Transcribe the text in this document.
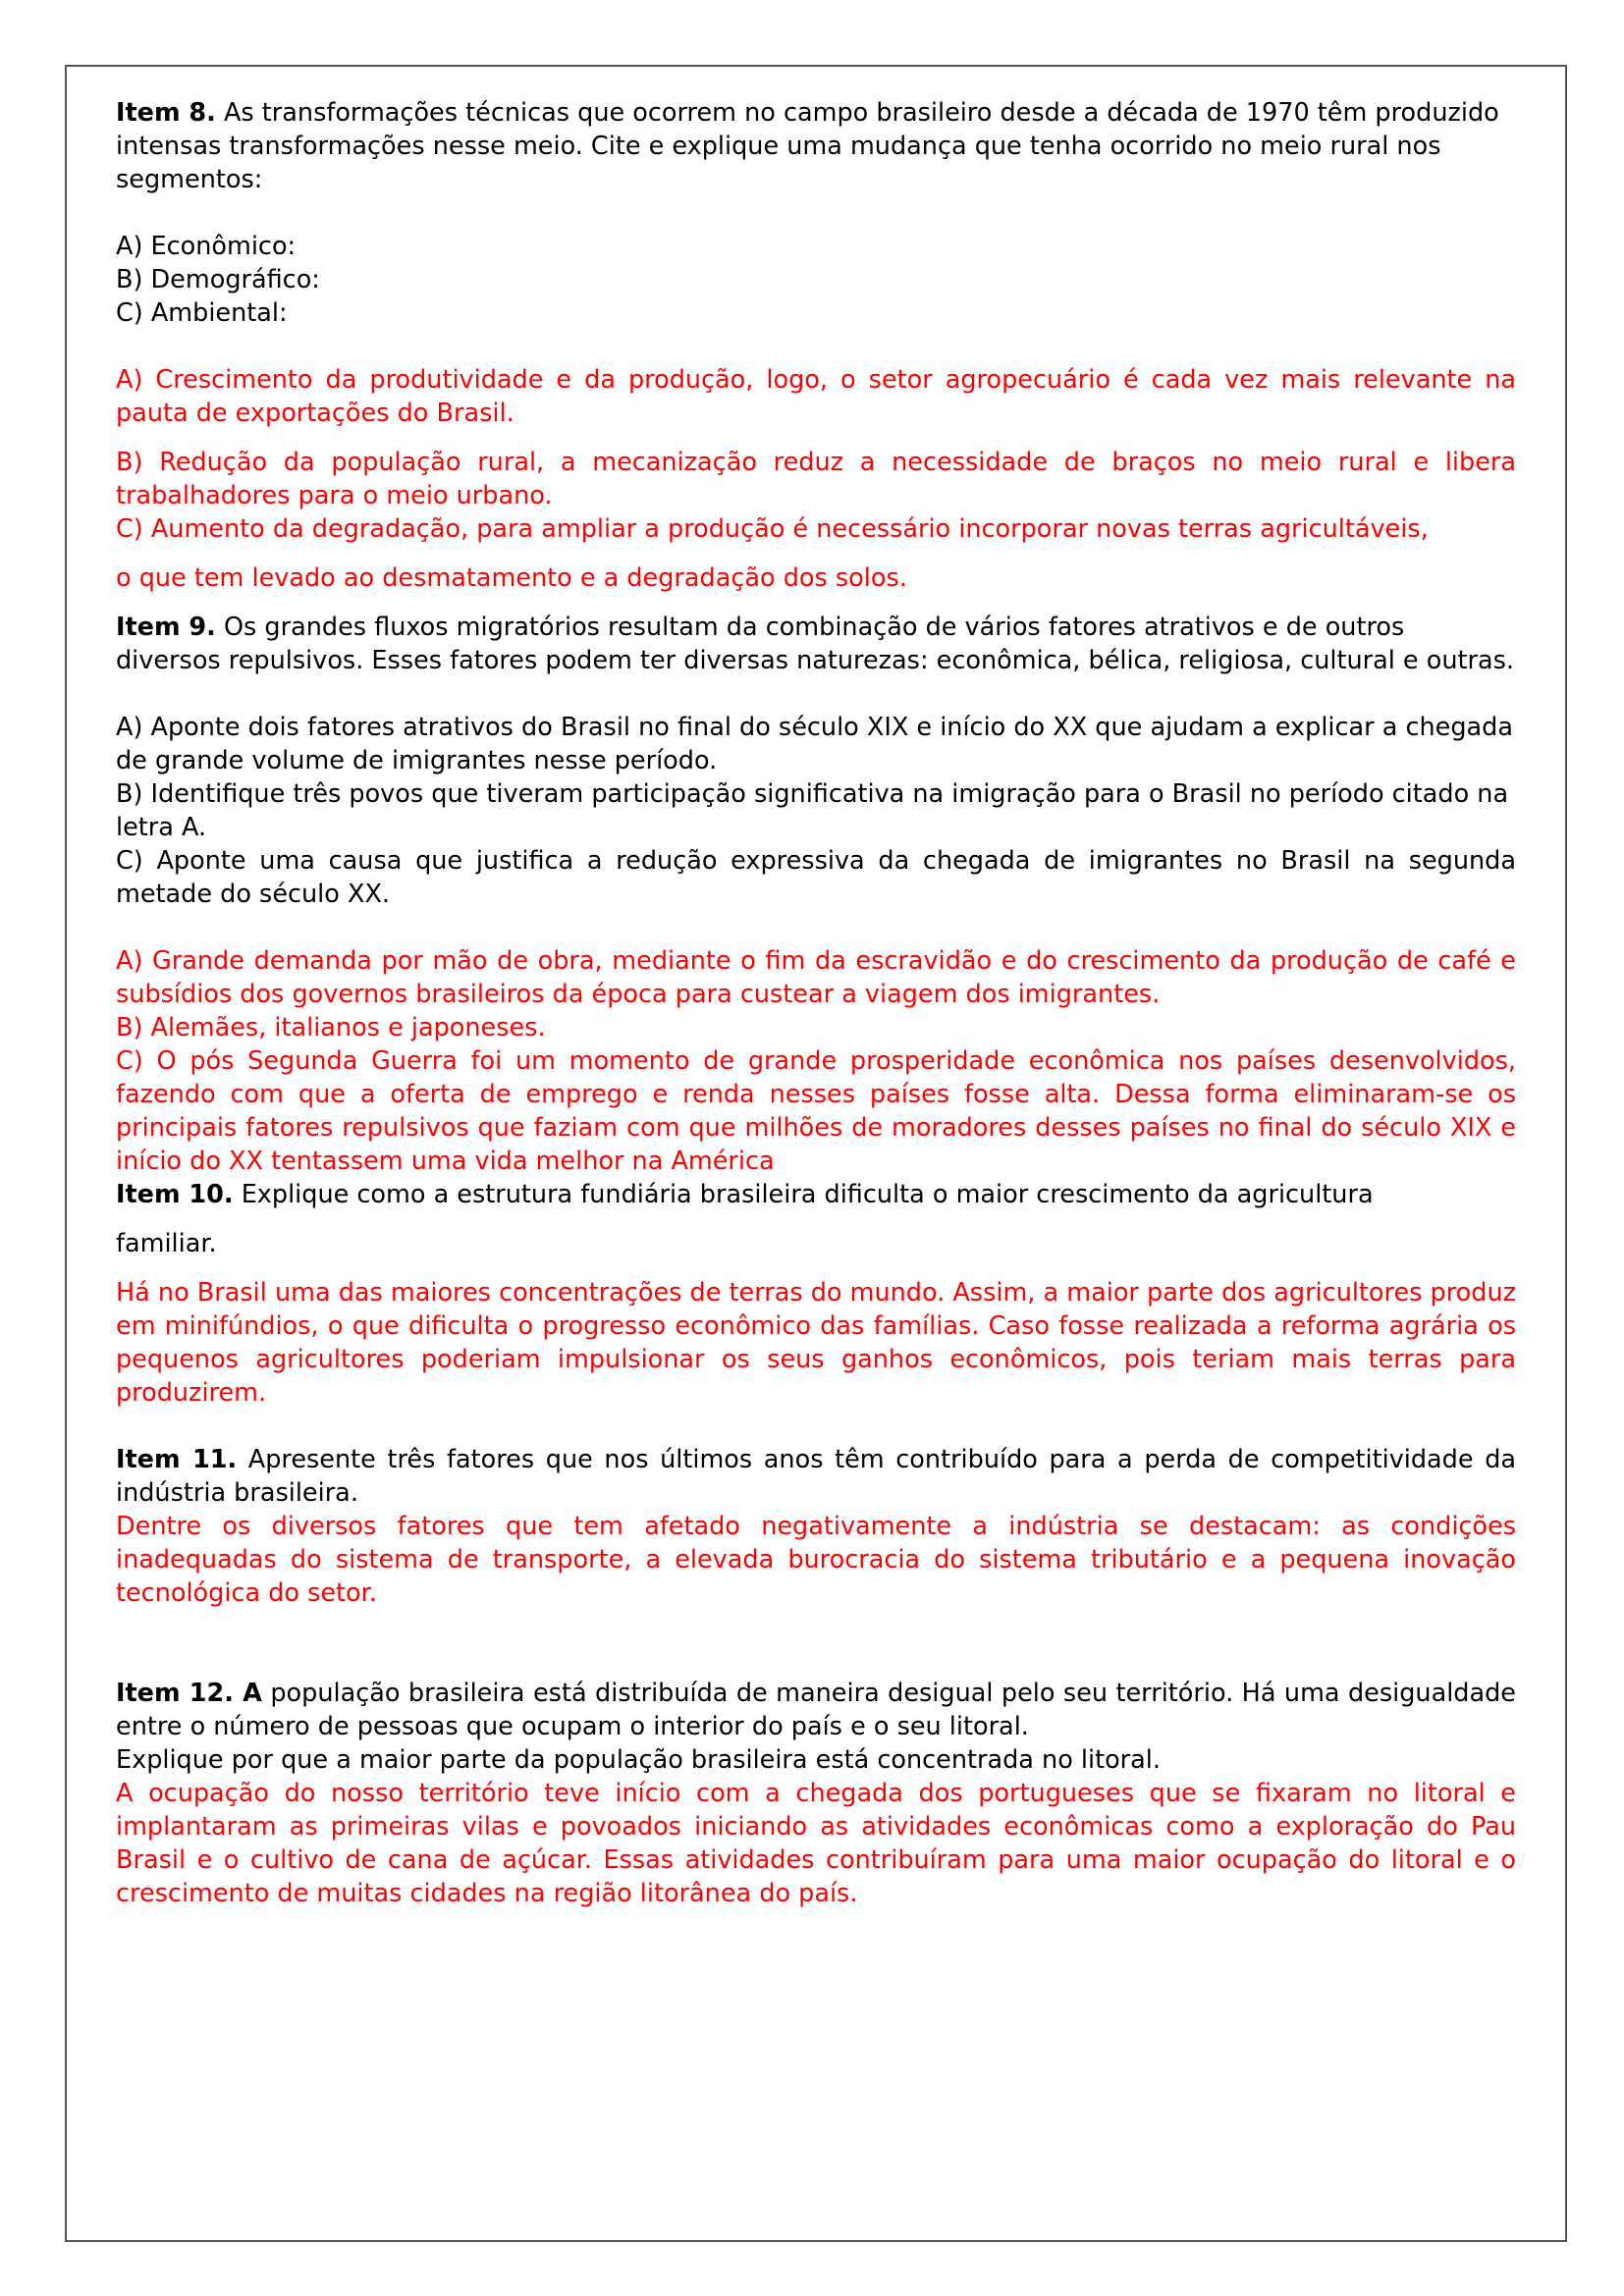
Item 8. As transformações técnicas que ocorrem no campo brasileiro desde a década de 1970 têm produzido intensas transformações nesse meio. Cite e explique uma mudança que tenha ocorrido no meio rural nos segmentos:

A) Econômico:

B) Demográfico:

C) Ambiental:

A) Crescimento da produtividade e da produção, logo, o setor agropecuário é cada vez mais relevante na pauta de exportações do Brasil.

B) Redução da população rural, a mecanização reduz a necessidade de braços no meio rural e libera trabalhadores para o meio urbano.

C) Aumento da degradação, para ampliar a produção é necessário incorporar novas terras agricultáveis,

o que tem levado ao desmatamento e a degradação dos solos.

Item 9. Os grandes fluxos migratórios resultam da combinação de vários fatores atrativos e de outros diversos repulsivos. Esses fatores podem ter diversas naturezas: econômica, bélica, religiosa, cultural e outras.

A) Aponte dois fatores atrativos do Brasil no final do século XIX e início do XX que ajudam a explicar a chegada de grande volume de imigrantes nesse período.

B) Identifique três povos que tiveram participação significativa na imigração para o Brasil no período citado na letra A.

C) Aponte uma causa que justifica a redução expressiva da chegada de imigrantes no Brasil na segunda metade do século XX.

A) Grande demanda por mão de obra, mediante o fim da escravidão e do crescimento da produção de café e subsídios dos governos brasileiros da época para custear a viagem dos imigrantes.

B) Alemães, italianos e japoneses.

C) O pós Segunda Guerra foi um momento de grande prosperidade econômica nos países desenvolvidos, fazendo com que a oferta de emprego e renda nesses países fosse alta. Dessa forma eliminaram-se os principais fatores repulsivos que faziam com que milhões de moradores desses países no final do século XIX e início do XX tentassem uma vida melhor na América

Item 10. Explique como a estrutura fundiária brasileira dificulta o maior crescimento da agricultura

familiar.

Há no Brasil uma das maiores concentrações de terras do mundo. Assim, a maior parte dos agricultores produz em minifúndios, o que dificulta o progresso econômico das famílias. Caso fosse realizada a reforma agrária os pequenos agricultores poderiam impulsionar os seus ganhos econômicos, pois teriam mais terras para produzirem.

Item 11. Apresente três fatores que nos últimos anos têm contribuído para a perda de competitividade da indústria brasileira.

Dentre os diversos fatores que tem afetado negativamente a indústria se destacam: as condições inadequadas do sistema de transporte, a elevada burocracia do sistema tributário e a pequena inovação tecnológica do setor.

Item 12. A população brasileira está distribuída de maneira desigual pelo seu território. Há uma desigualdade entre o número de pessoas que ocupam o interior do país e o seu litoral.

Explique por que a maior parte da população brasileira está concentrada no litoral.

A ocupação do nosso território teve início com a chegada dos portugueses que se fixaram no litoral e implantaram as primeiras vilas e povoados iniciando as atividades econômicas como a exploração do Pau Brasil e o cultivo de cana de açúcar. Essas atividades contribuíram para uma maior ocupação do litoral e o crescimento de muitas cidades na região litorânea do país.
